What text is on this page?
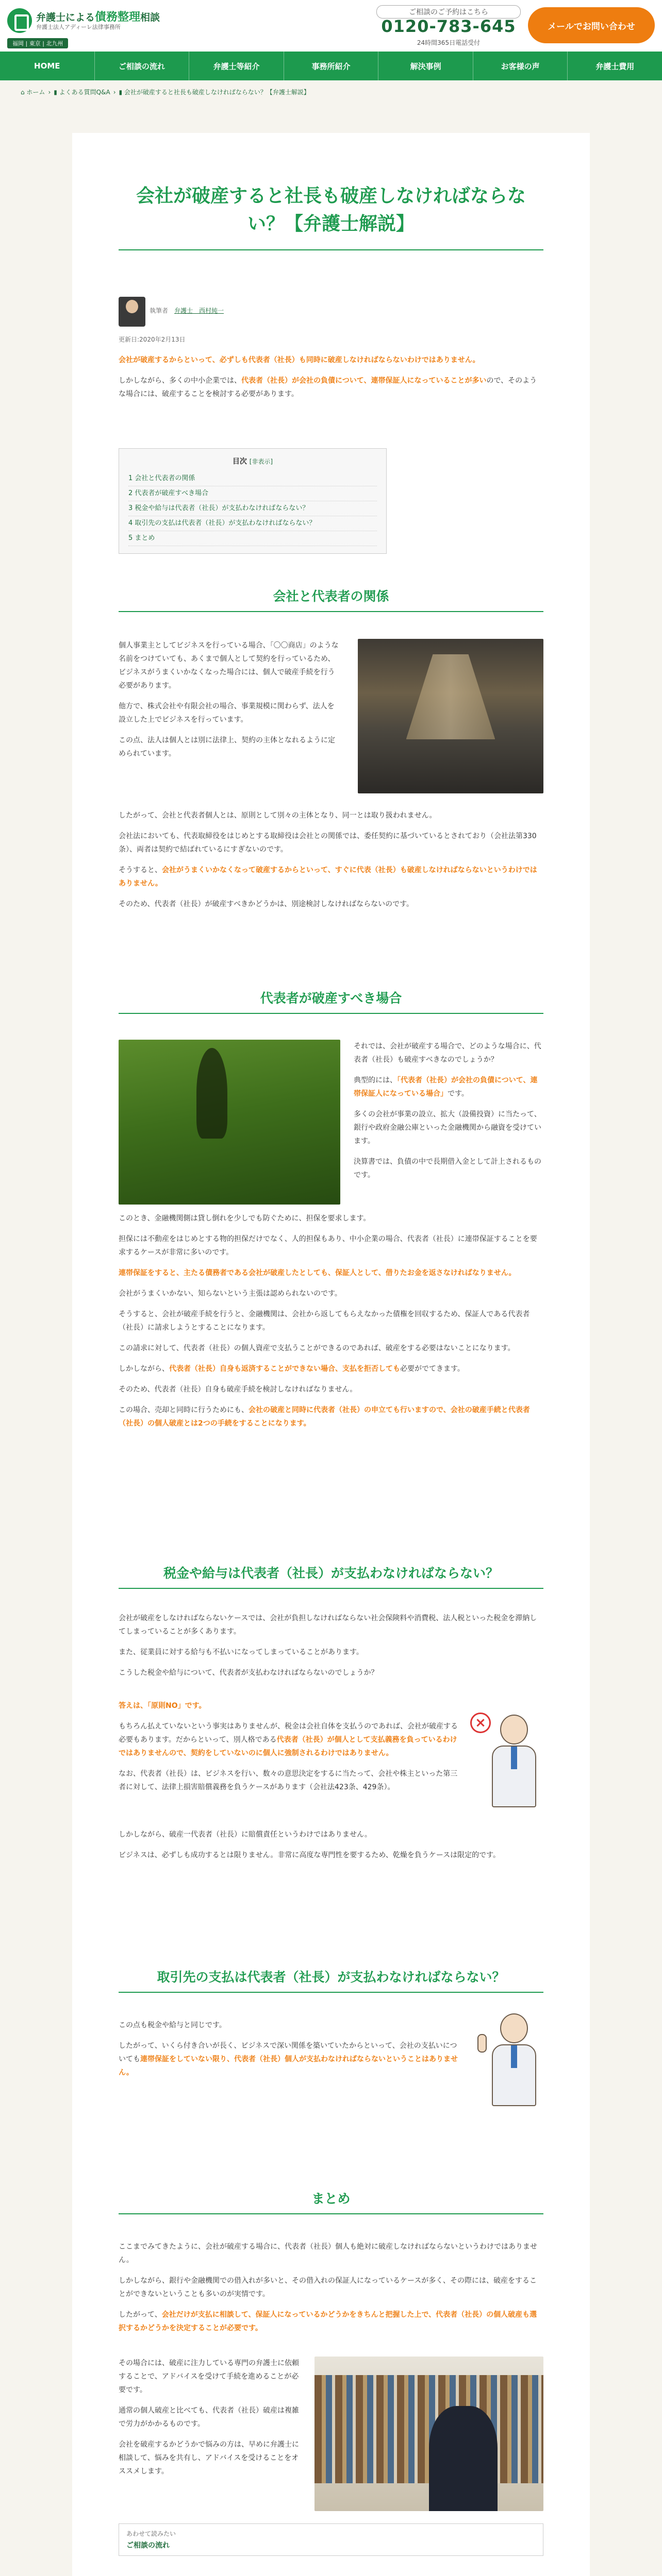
弁護士による債務整理相談
弁護士法人アディーレ法律事務所
福岡 | 東京 | 北九州
ご相談のご予約はこちら
0120-783-645
24時間365日電話受付
メールでお問い合わせ
HOME	ご相談の流れ	弁護士等紹介	事務所紹介	解決事例	お客様の声	弁護士費用
⌂ ホーム › ▮ よくある質問Q&A › ▮ 会社が破産すると社長も破産しなければならない？【弁護士解説】
会社が破産すると社長も破産しなければならない？【弁護士解説】
執筆者　 弁護士　西村純一
更新日:2020年2月13日

会社が破産するからといって、必ずしも代表者（社長）も同時に破産しなければならないわけではありません。

しかしながら、多くの中小企業では、代表者（社長）が会社の負債について、連帯保証人になっていることが多いので、そのような場合には、破産することを検討する必要があります。

目次 [非表示]
1 会社と代表者の関係
2 代表者が破産すべき場合
3 税金や給与は代表者（社長）が支払わなければならない？
4 取引先の支払は代表者（社長）が支払わなければならない？
5 まとめ
会社と代表者の関係

個人事業主としてビジネスを行っている場合、「〇〇商店」のような名前をつけていても、あくまで個人として契約を行っているため、ビジネスがうまくいかなくなった場合には、個人で破産手続を行う必要があります。

他方で、株式会社や有限会社の場合、事業規模に関わらず、法人を設立した上でビジネスを行っています。

この点、法人は個人とは別に法律上、契約の主体となれるように定められています。

したがって、会社と代表者個人とは、原則として別々の主体となり、同一とは取り扱われません。

会社法においても、代表取締役をはじめとする取締役は会社との関係では、委任契約に基づいているとされており（会社法第330条）、両者は契約で結ばれているにすぎないのです。

そうすると、会社がうまくいかなくなって破産するからといって、すぐに代表（社長）も破産しなければならないというわけではありません。

そのため、代表者（社長）が破産すべきかどうかは、別途検討しなければならないのです。

代表者が破産すべき場合

それでは、会社が破産する場合で、どのような場合に、代表者（社長）も破産すべきなのでしょうか？

典型的には、「代表者（社長）が会社の負債について、連帯保証人になっている場合」です。

多くの会社が事業の設立、拡大（設備投資）に当たって、銀行や政府金融公庫といった金融機関から融資を受けています。

決算書では、負債の中で長期借入金として計上されるものです。

このとき、金融機関側は貸し倒れを少しでも防ぐために、担保を要求します。

担保には不動産をはじめとする物的担保だけでなく、人的担保もあり、中小企業の場合、代表者（社長）に連帯保証することを要求するケースが非常に多いのです。

連帯保証をすると、主たる債務者である会社が破産したとしても、保証人として、借りたお金を返さなければなりません。

会社がうまくいかない、知らないという主張は認められないのです。

そうすると、会社が破産手続を行うと、金融機関は、会社から返してもらえなかった債権を回収するため、保証人である代表者（社長）に請求しようとすることになります。

この請求に対して、代表者（社長）の個人資産で支払うことができるのであれば、破産をする必要はないことになります。

しかしながら、代表者（社長）自身も返済することができない場合、支払を拒否しても必要がでてきます。

そのため、代表者（社長）自身も破産手続を検討しなければなりません。

この場合、売却と同時に行うためにも、会社の破産と同時に代表者（社長）の申立ても行いますので、会社の破産手続と代表者（社長）の個人破産とは2つの手続をすることになります。

税金や給与は代表者（社長）が支払わなければならない？

会社が破産をしなければならないケースでは、会社が負担しなければならない社会保険料や消費税、法人税といった税金を滞納してしまっていることが多くあります。

また、従業員に対する給与も不払いになってしまっていることがあります。

こうした税金や給与について、代表者が支払わなければならないのでしょうか？

答えは、「原則NO」です。

もちろん払えていないという事実はありませんが、税金は会社自体を支払うのであれば、会社が破産する必要もあります。だからといって、別人格である代表者（社長）が個人として支払義務を負っているわけではありませんので、契約をしていないのに個人に強制されるわけではありません。

なお、代表者（社長）は、ビジネスを行い、数々の意思決定をするに当たって、会社や株主といった第三者に対して、法律上損害賠償義務を負うケースがあります（会社法423条、429条）。

×

しかしながら、破産一代表者（社長）に賠償責任というわけではありません。

ビジネスは、必ずしも成功するとは限りません。非常に高度な専門性を要するため、乾燥を負うケースは限定的です。

取引先の支払は代表者（社長）が支払わなければならない？

この点も税金や給与と同じです。

したがって、いくら付き合いが長く、ビジネスで深い関係を築いていたからといって、会社の支払いについても連帯保証をしていない限り、代表者（社長）個人が支払わなければならないということはありません。

まとめ

ここまでみてきたように、会社が破産する場合に、代表者（社長）個人も絶対に破産しなければならないというわけではありません。

しかしながら、銀行や金融機関での借入れが多いと、その借入れの保証人になっているケースが多く、その際には、破産をすることができないということも多いのが実情です。

したがって、会社だけが支払に相談して、保証人になっているかどうかをきちんと把握した上で、代表者（社長）の個人破産も選択するかどうかを決定することが必要です。

その場合には、破産に注力している専門の弁護士に依頼することで、アドバイスを受けて手続を進めることが必要です。

通常の個人破産と比べても、代表者（社長）破産は複雑で労力がかかるものです。

会社を破産するかどうかで悩みの方は、早めに弁護士に相談して、悩みを共有し、アドバイスを受けることをオススメします。

あわせて読みたい
ご相談の流れ
